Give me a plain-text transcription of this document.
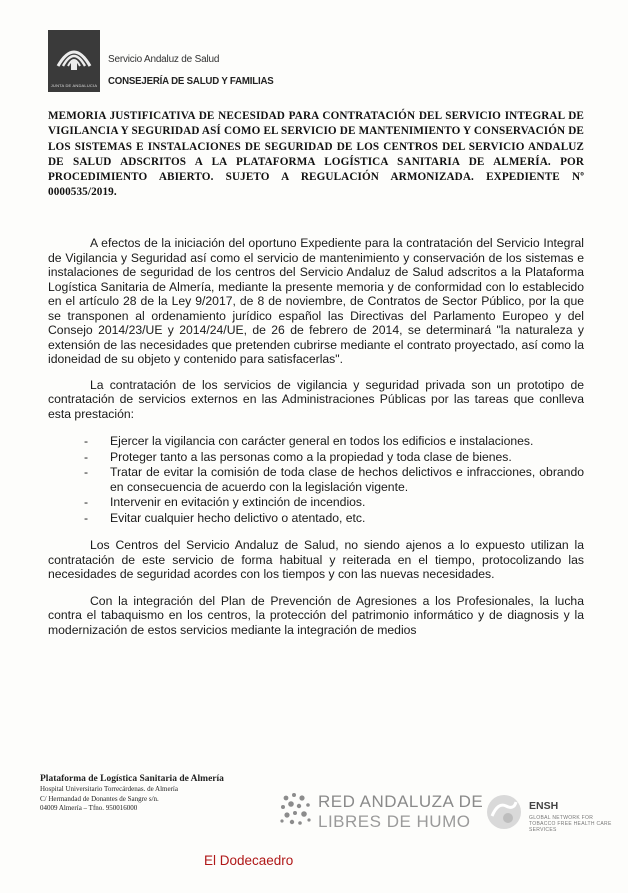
JUNTA DE ANDALUCIA
Servicio Andaluz de Salud
CONSEJERÍA DE SALUD Y FAMILIAS
MEMORIA JUSTIFICATIVA DE NECESIDAD PARA CONTRATACIÓN DEL SERVICIO INTEGRAL DE VIGILANCIA Y SEGURIDAD ASÍ COMO EL SERVICIO DE MANTENIMIENTO Y CONSERVACIÓN DE LOS SISTEMAS E INSTALACIONES DE SEGURIDAD DE LOS CENTROS DEL SERVICIO ANDALUZ DE SALUD ADSCRITOS A LA PLATAFORMA LOGÍSTICA SANITARIA DE ALMERÍA. POR PROCEDIMIENTO ABIERTO. SUJETO A REGULACIÓN ARMONIZADA. EXPEDIENTE Nº 0000535/2019.

A efectos de la iniciación del oportuno Expediente para la contratación del Servicio Integral de Vigilancia y Seguridad así como el servicio de mantenimiento y conservación de los sistemas e instalaciones de seguridad de los centros del Servicio Andaluz de Salud adscritos a la Plataforma Logística Sanitaria de Almería, mediante la presente memoria y de conformidad con lo establecido en el artículo 28 de la Ley 9/2017, de 8 de noviembre, de Contratos de Sector Público, por la que se transponen al ordenamiento jurídico español las Directivas del Parlamento Europeo y del Consejo 2014/23/UE y 2014/24/UE, de 26 de febrero de 2014, se determinará "la naturaleza y extensión de las necesidades que pretenden cubrirse mediante el contrato proyectado, así como la idoneidad de su objeto y contenido para satisfacerlas".

La contratación de los servicios de vigilancia y seguridad privada son un prototipo de contratación de servicios externos en las Administraciones Públicas por las tareas que conlleva esta prestación:

- Ejercer la vigilancia con carácter general en todos los edificios e instalaciones.
- Proteger tanto a las personas como a la propiedad y toda clase de bienes.
- Tratar de evitar la comisión de toda clase de hechos delictivos e infracciones, obrando en consecuencia de acuerdo con la legislación vigente.
- Intervenir en evitación y extinción de incendios.
- Evitar cualquier hecho delictivo o atentado, etc.

Los Centros del Servicio Andaluz de Salud, no siendo ajenos a lo expuesto utilizan la contratación de este servicio de forma habitual y reiterada en el tiempo, protocolizando las necesidades de seguridad acordes con los tiempos y con las nuevas necesidades.

Con la integración del Plan de Prevención de Agresiones a los Profesionales, la lucha contra el tabaquismo en los centros, la protección del patrimonio informático y de diagnosis y la modernización de estos servicios mediante la integración de medios

Plataforma de Logística Sanitaria de Almería
Hospital Universitario Torrecárdenas. de Almería
C/ Hermandad de Donantes de Sangre s/n.
04009 Almería – Tfno. 950016000	RED ANDALUZA DE
LIBRES DE HUMO
ENSH
GLOBAL NETWORK FOR TOBACCO FREE HEALTH CARE SERVICES
El Dodecaedro
